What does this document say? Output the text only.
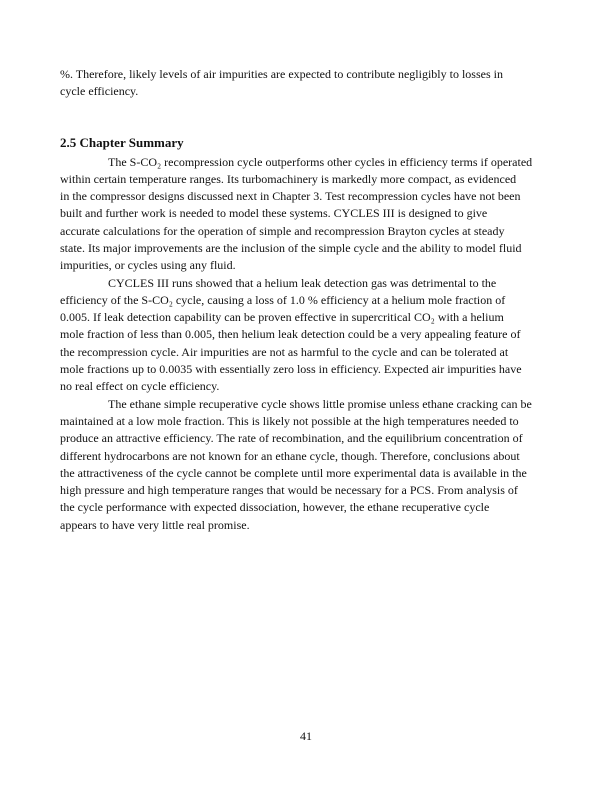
%. Therefore, likely levels of air impurities are expected to contribute negligibly to losses in
cycle efficiency.
2.5 Chapter Summary
The S-CO₂ recompression cycle outperforms other cycles in efficiency terms if operated
within certain temperature ranges. Its turbomachinery is markedly more compact, as evidenced
in the compressor designs discussed next in Chapter 3. Test recompression cycles have not been
built and further work is needed to model these systems. CYCLES III is designed to give
accurate calculations for the operation of simple and recompression Brayton cycles at steady
state. Its major improvements are the inclusion of the simple cycle and the ability to model fluid
impurities, or cycles using any fluid.
CYCLES III runs showed that a helium leak detection gas was detrimental to the
efficiency of the S-CO₂ cycle, causing a loss of 1.0 % efficiency at a helium mole fraction of
0.005. If leak detection capability can be proven effective in supercritical CO₂ with a helium
mole fraction of less than 0.005, then helium leak detection could be a very appealing feature of
the recompression cycle. Air impurities are not as harmful to the cycle and can be tolerated at
mole fractions up to 0.0035 with essentially zero loss in efficiency. Expected air impurities have
no real effect on cycle efficiency.
The ethane simple recuperative cycle shows little promise unless ethane cracking can be
maintained at a low mole fraction. This is likely not possible at the high temperatures needed to
produce an attractive efficiency. The rate of recombination, and the equilibrium concentration of
different hydrocarbons are not known for an ethane cycle, though. Therefore, conclusions about
the attractiveness of the cycle cannot be complete until more experimental data is available in the
high pressure and high temperature ranges that would be necessary for a PCS. From analysis of
the cycle performance with expected dissociation, however, the ethane recuperative cycle
appears to have very little real promise.
41
